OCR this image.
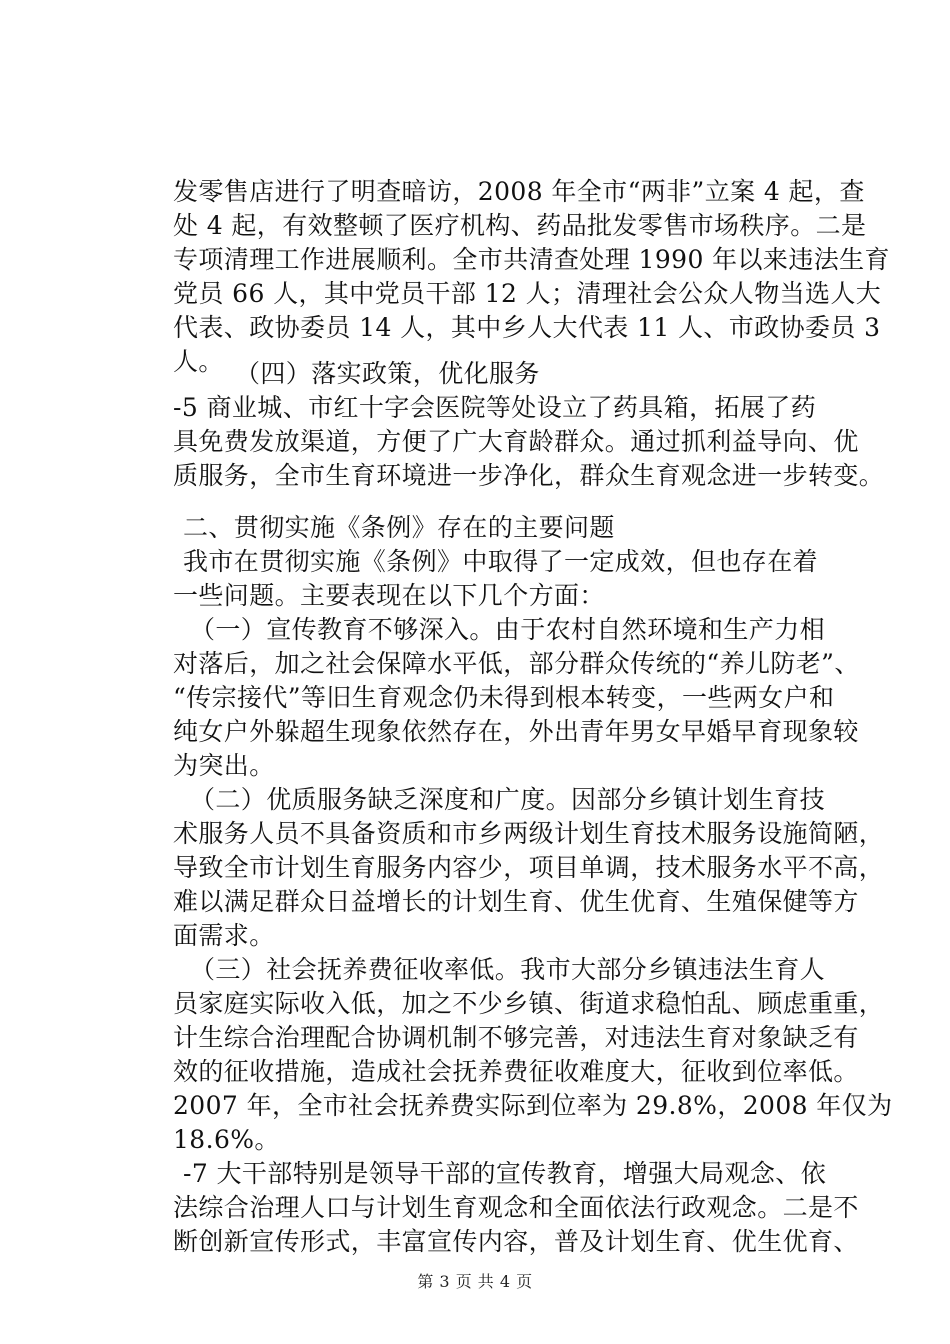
发零售店进行了明查暗访，2008 年全市“两非”立案 4 起，查
处 4 起，有效整顿了医疗机构、药品批发零售市场秩序。二是
专项清理工作进展顺利。全市共清查处理 1990 年以来违法生育
党员 66 人，其中党员干部 12 人；清理社会公众人物当选人大
代表、政协委员 14 人，其中乡人大代表 11 人、市政协委员 3
人。 （四）落实政策，优化服务
-5 商业城、市红十字会医院等处设立了药具箱，拓展了药
具免费发放渠道，方便了广大育龄群众。通过抓利益导向、优
质服务，全市生育环境进一步净化，群众生育观念进一步转变。
二、贯彻实施《条例》存在的主要问题
我市在贯彻实施《条例》中取得了一定成效，但也存在着
一些问题。主要表现在以下几个方面：
（一）宣传教育不够深入。由于农村自然环境和生产力相
对落后，加之社会保障水平低，部分群众传统的“养儿防老”、
“传宗接代”等旧生育观念仍未得到根本转变，一些两女户和
纯女户外躲超生现象依然存在，外出青年男女早婚早育现象较
为突出。
（二）优质服务缺乏深度和广度。因部分乡镇计划生育技
术服务人员不具备资质和市乡两级计划生育技术服务设施简陋，
导致全市计划生育服务内容少，项目单调，技术服务水平不高，
难以满足群众日益增长的计划生育、优生优育、生殖保健等方
面需求。
（三）社会抚养费征收率低。我市大部分乡镇违法生育人
员家庭实际收入低，加之不少乡镇、街道求稳怕乱、顾虑重重，
计生综合治理配合协调机制不够完善，对违法生育对象缺乏有
效的征收措施，造成社会抚养费征收难度大，征收到位率低。
2007 年，全市社会抚养费实际到位率为 29.8%，2008 年仅为
18.6%。
-7 大干部特别是领导干部的宣传教育，增强大局观念、依
法综合治理人口与计划生育观念和全面依法行政观念。二是不
断创新宣传形式，丰富宣传内容，普及计划生育、优生优育、
第 3 页 共 4 页
